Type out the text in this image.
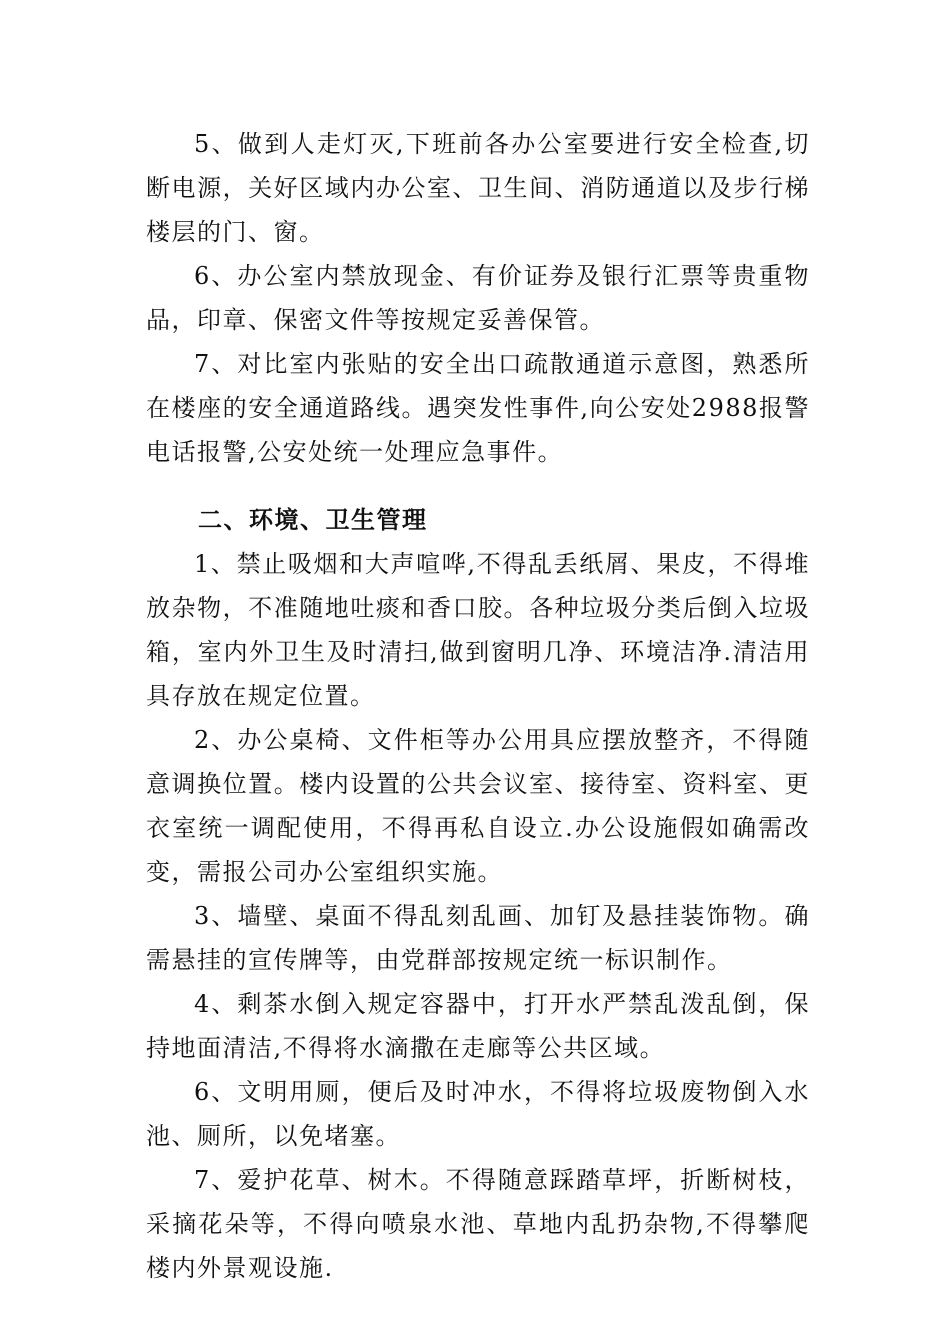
5、做到人走灯灭,下班前各办公室要进行安全检查,切断电源，关好区域内办公室、卫生间、消防通道以及步行梯楼层的门、窗。

6、办公室内禁放现金、有价证券及银行汇票等贵重物品，印章、保密文件等按规定妥善保管。

7、对比室内张贴的安全出口疏散通道示意图，熟悉所在楼座的安全通道路线。遇突发性事件,向公安处2988报警电话报警,公安处统一处理应急事件。

二、环境、卫生管理

1、禁止吸烟和大声喧哗,不得乱丢纸屑、果皮，不得堆放杂物，不准随地吐痰和香口胶。各种垃圾分类后倒入垃圾箱，室内外卫生及时清扫,做到窗明几净、环境洁净.清洁用具存放在规定位置。

2、办公桌椅、文件柜等办公用具应摆放整齐，不得随意调换位置。楼内设置的公共会议室、接待室、资料室、更衣室统一调配使用，不得再私自设立.办公设施假如确需改变，需报公司办公室组织实施。

3、墙壁、桌面不得乱刻乱画、加钉及悬挂装饰物。确需悬挂的宣传牌等，由党群部按规定统一标识制作。

4、剩茶水倒入规定容器中，打开水严禁乱泼乱倒，保持地面清洁,不得将水滴撒在走廊等公共区域。

6、文明用厕，便后及时冲水，不得将垃圾废物倒入水池、厕所，以免堵塞。

7、爱护花草、树木。不得随意踩踏草坪，折断树枝，采摘花朵等，不得向喷泉水池、草地内乱扔杂物,不得攀爬楼内外景观设施.
